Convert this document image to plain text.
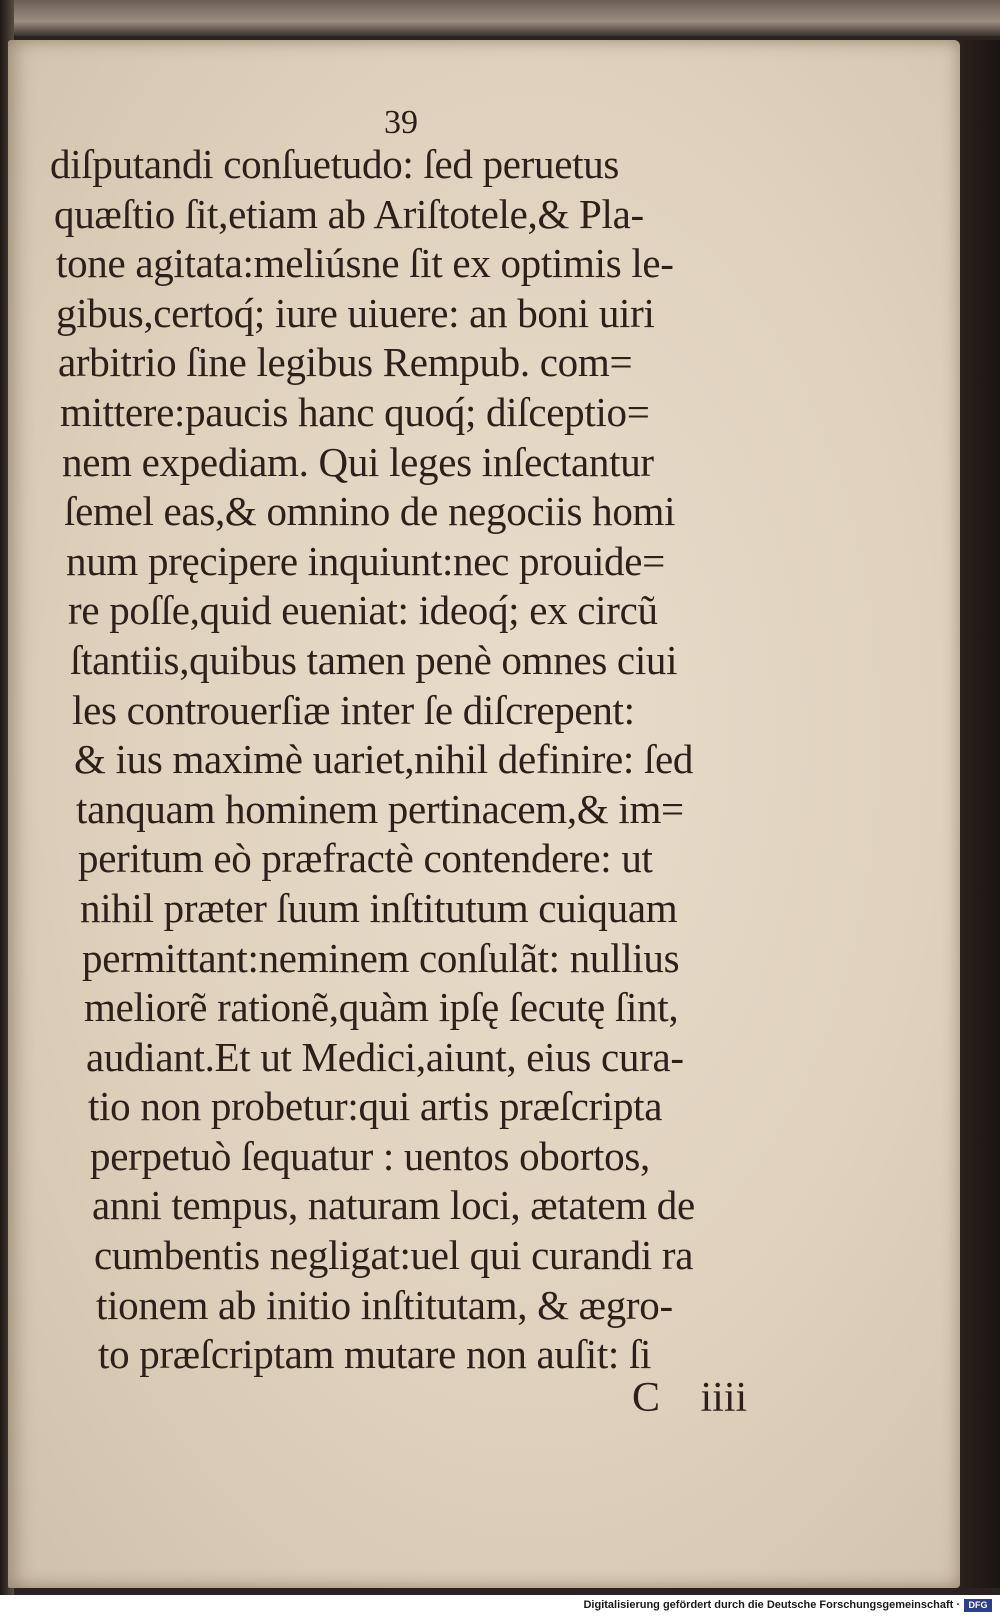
39
diſputandi conſuetudo: ſed peruetus
quæſtio ſit,etiam ab Ariſtotele,& Pla-
tone agitata:meliúsne ſit ex optimis le-
gibus,certoq́; iure uiuere: an boni uiri
arbitrio ſine legibus Rempub. com=
mittere:paucis hanc quoq́; diſceptio=
nem expediam. Qui leges inſectantur
ſemel eas,& omnino de negociis homi
num pręcipere inquiunt:nec prouide=
re poſſe,quid eueniat: ideoq́; ex circũ
ſtantiis,quibus tamen penè omnes ciui
les controuerſiæ inter ſe diſcrepent:
& ius maximè uariet,nihil definire: ſed
tanquam hominem pertinacem,& im=
peritum eò præfractè contendere: ut
nihil præter ſuum inſtitutum cuiquam
permittant:neminem conſulãt: nullius
meliorẽ rationẽ,quàm ipſę ſecutę ſint,
audiant.Et ut Medici,aiunt, eius cura-
tio non probetur:qui artis præſcripta
perpetuò ſequatur : uentos obortos,
anni tempus, naturam loci, ætatem de
cumbentis negligat:uel qui curandi ra
tionem ab initio inſtitutam, & ægro-
to præſcriptam mutare non auſit: ſi
C iiii
Digitalisierung gefördert durch die Deutsche Forschungsgemeinschaft · DFG
